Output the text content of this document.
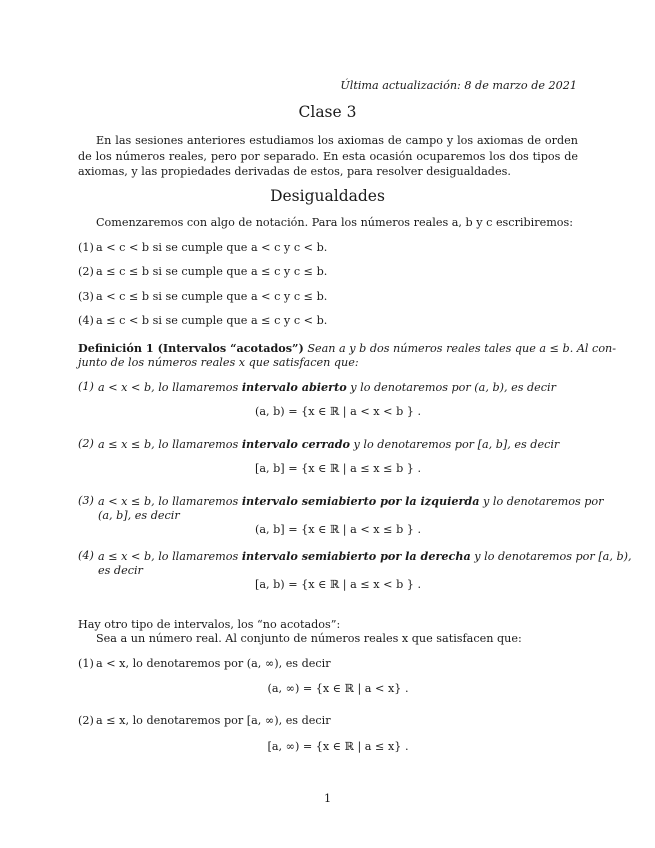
Última actualización: 8 de marzo de 2021
Clase 3
En las sesiones anteriores estudiamos los axiomas de campo y los axiomas de orden de los números reales, pero por separado. En esta ocasión ocuparemos los dos tipos de axiomas, y las propiedades derivadas de estos, para resolver desigualdades.
Desigualdades
Comenzaremos con algo de notación. Para los números reales a, b y c escribiremos:
(1) a < c < b si se cumple que a < c y c < b.
(2) a ≤ c ≤ b si se cumple que a ≤ c y c ≤ b.
(3) a < c ≤ b si se cumple que a < c y c ≤ b.
(4) a ≤ c < b si se cumple que a ≤ c y c < b.
Definición 1 (Intervalos “acotados”) Sean a y b dos números reales tales que a ≤ b. Al con-
junto de los números reales x que satisfacen que:
(1) a < x < b, lo llamaremos intervalo abierto y lo denotaremos por (a, b), es decir
(a, b) = {x ∈ ℝ | a < x < b } .
(2) a ≤ x ≤ b, lo llamaremos intervalo cerrado y lo denotaremos por [a, b], es decir
[a, b] = {x ∈ ℝ | a ≤ x ≤ b } .
(3) a < x ≤ b, lo llamaremos intervalo semiabierto por la izquierda y lo denotaremos por
(a, b], es decir
(a, b] = {x ∈ ℝ | a < x ≤ b } .
(4) a ≤ x < b, lo llamaremos intervalo semiabierto por la derecha y lo denotaremos por [a, b),
es decir
[a, b) = {x ∈ ℝ | a ≤ x < b } .
Hay otro tipo de intervalos, los “no acotados”:
Sea a un número real. Al conjunto de números reales x que satisfacen que:
(1) a < x, lo denotaremos por (a, ∞), es decir
(a, ∞) = {x ∈ ℝ | a < x} .
(2) a ≤ x, lo denotaremos por [a, ∞), es decir
[a, ∞) = {x ∈ ℝ | a ≤ x} .
1
